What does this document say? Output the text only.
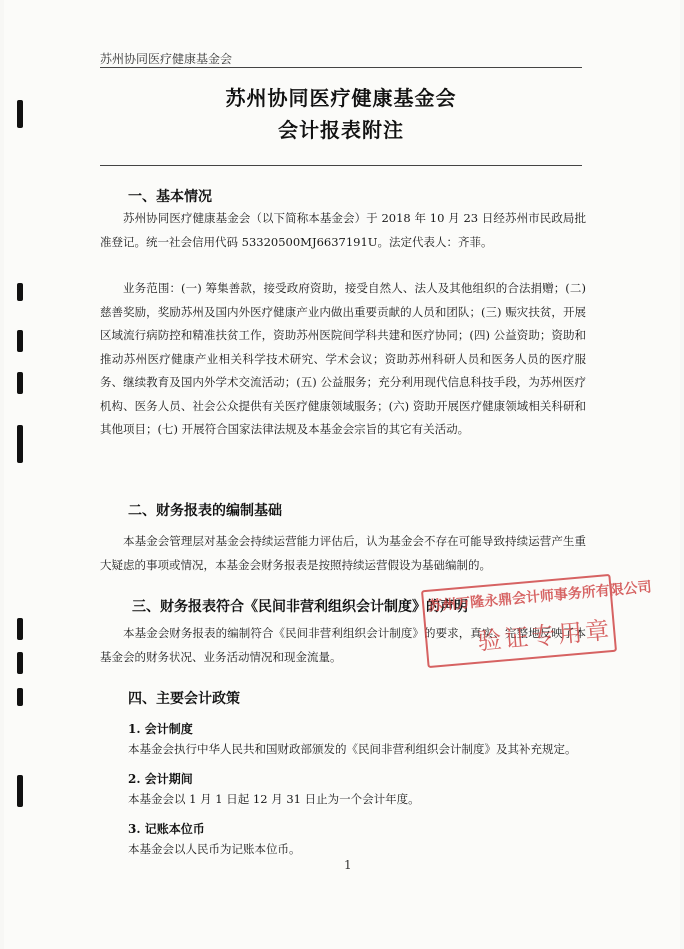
苏州协同医疗健康基金会
苏州协同医疗健康基金会
会计报表附注
一、基本情况
苏州协同医疗健康基金会（以下简称本基金会）于 2018 年 10 月 23 日经苏州市民政局批准登记。统一社会信用代码 53320500MJ6637191U。法定代表人：齐菲。
业务范围：(一) 筹集善款，接受政府资助，接受自然人、法人及其他组织的合法捐赠；(二) 慈善奖励，奖励苏州及国内外医疗健康产业内做出重要贡献的人员和团队；(三) 赈灾扶贫，开展区域流行病防控和精准扶贫工作，资助苏州医院间学科共建和医疗协同；(四) 公益资助；资助和推动苏州医疗健康产业相关科学技术研究、学术会议；资助苏州科研人员和医务人员的医疗服务、继续教育及国内外学术交流活动；(五) 公益服务；充分利用现代信息科技手段，为苏州医疗机构、医务人员、社会公众提供有关医疗健康领域服务；(六) 资助开展医疗健康领域相关科研和其他项目；(七) 开展符合国家法律法规及本基金会宗旨的其它有关活动。
二、财务报表的编制基础
本基金会管理层对基金会持续运营能力评估后，认为基金会不存在可能导致持续运营产生重大疑虑的事项或情况，本基金会财务报表是按照持续运营假设为基础编制的。
三、财务报表符合《民间非营利组织会计制度》的声明
本基金会财务报表的编制符合《民间非营利组织会计制度》的要求，真实、完整地反映了本基金会的财务状况、业务活动情况和现金流量。
四、主要会计政策
1. 会计制度
本基金会执行中华人民共和国财政部颁发的《民间非营利组织会计制度》及其补充规定。
2. 会计期间
本基金会以 1 月 1 日起 12 月 31 日止为一个会计年度。
3. 记账本位币
本基金会以人民币为记账本位币。
1
苏州万隆永鼎会计师事务所有限公司
验证专用章
